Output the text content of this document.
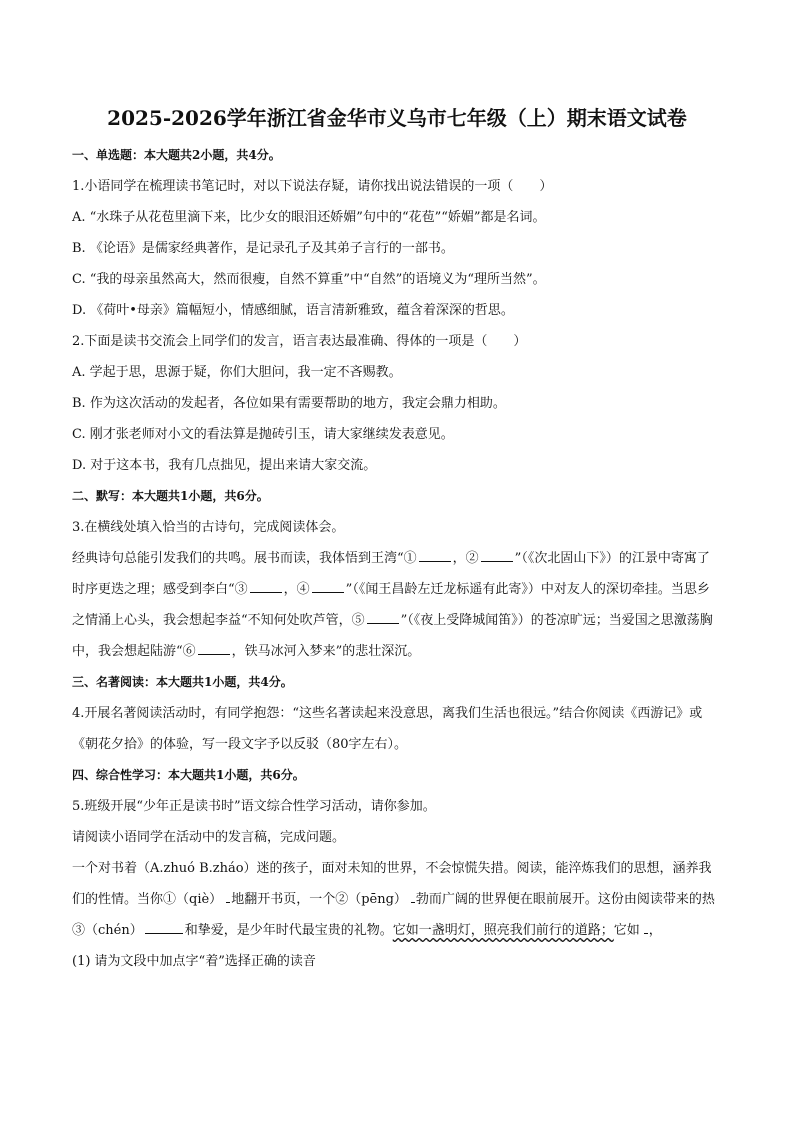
2025-2026学年浙江省金华市义乌市七年级（上）期末语文试卷

一、单选题：本大题共2小题，共4分。

1.小语同学在梳理读书笔记时，对以下说法存疑，请你找出说法错误的一项（　　）

A. “水珠子从花苞里滴下来，比少女的眼泪还娇媚”句中的“花苞”“娇媚”都是名词。

B. 《论语》是儒家经典著作，是记录孔子及其弟子言行的一部书。

C. “我的母亲虽然高大，然而很瘦，自然不算重”中“自然”的语境义为“理所当然”。

D. 《荷叶•母亲》篇幅短小，情感细腻，语言清新雅致，蕴含着深深的哲思。

2.下面是读书交流会上同学们的发言，语言表达最准确、得体的一项是（　　）

A. 学起于思，思源于疑，你们大胆问，我一定不吝赐教。

B. 作为这次活动的发起者，各位如果有需要帮助的地方，我定会鼎力相助。

C. 刚才张老师对小文的看法算是抛砖引玉，请大家继续发表意见。

D. 对于这本书，我有几点拙见，提出来请大家交流。

二、默写：本大题共1小题，共6分。

3.在横线处填入恰当的古诗句，完成阅读体会。

经典诗句总能引发我们的共鸣。展书而读，我体悟到王湾“①	，②	”（《次北固山下》）的江景中寄寓了时序更迭之理；感受到李白“③	，④	”（《闻王昌龄左迁龙标遥有此寄》）中对友人的深切牵挂。当思乡之情涌上心头，我会想起李益“不知何处吹芦管，⑤	”（《夜上受降城闻笛》）的苍凉旷远；当爱国之思激荡胸中，我会想起陆游“⑥	，铁马冰河入梦来”的悲壮深沉。

三、名著阅读：本大题共1小题，共4分。

4.开展名著阅读活动时，有同学抱怨：“这些名著读起来没意思，离我们生活也很远。”结合你阅读《西游记》或《朝花夕拾》的体验，写一段文字予以反驳（80字左右）。

四、综合性学习：本大题共1小题，共6分。

5.班级开展“少年正是读书时”语文综合性学习活动，请你参加。

请阅读小语同学在活动中的发言稿，完成问题。

一个对书着（A.zhuó B.zháo）迷的孩子，面对未知的世界，不会惊慌失措。阅读，能淬炼我们的思想，涵养我们的性情。当你①（qiè） 地翻开书页，一个②（pēng） 勃而广阔的世界便在眼前展开。这份由阅读带来的热③（chén）	和挚爱，是少年时代最宝贵的礼物。它如一盏明灯，照亮我们前行的道路；它如 ，

(1) 请为文段中加点字“着”选择正确的读音
